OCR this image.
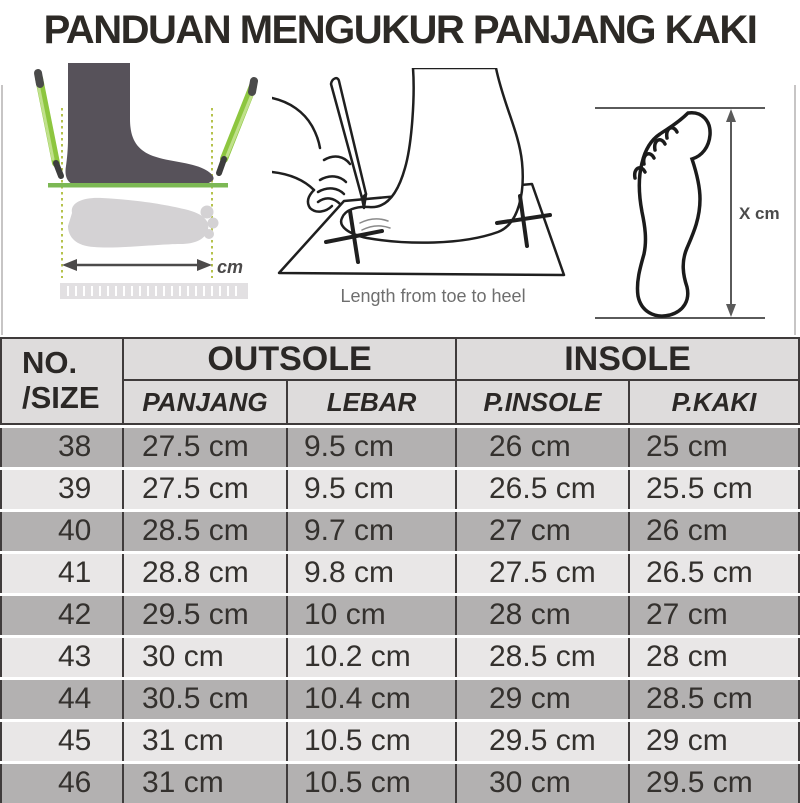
PANDUAN MENGUKUR PANJANG KAKI
cm
Length from toe to heel
X cm
NO.
/SIZE
OUTSOLE	INSOLE
PANJANG	LEBAR	P.INSOLE	P.KAKI
38	27.5 cm	9.5 cm	26 cm	25 cm
39	27.5 cm	9.5 cm	26.5 cm	25.5 cm
40	28.5 cm	9.7 cm	27 cm	26 cm
41	28.8 cm	9.8 cm	27.5 cm	26.5 cm
42	29.5 cm	10 cm	28 cm	27 cm
43	30 cm	10.2 cm	28.5 cm	28 cm
44	30.5 cm	10.4 cm	29 cm	28.5 cm
45	31 cm	10.5 cm	29.5 cm	29 cm
46	31 cm	10.5 cm	30 cm	29.5 cm
